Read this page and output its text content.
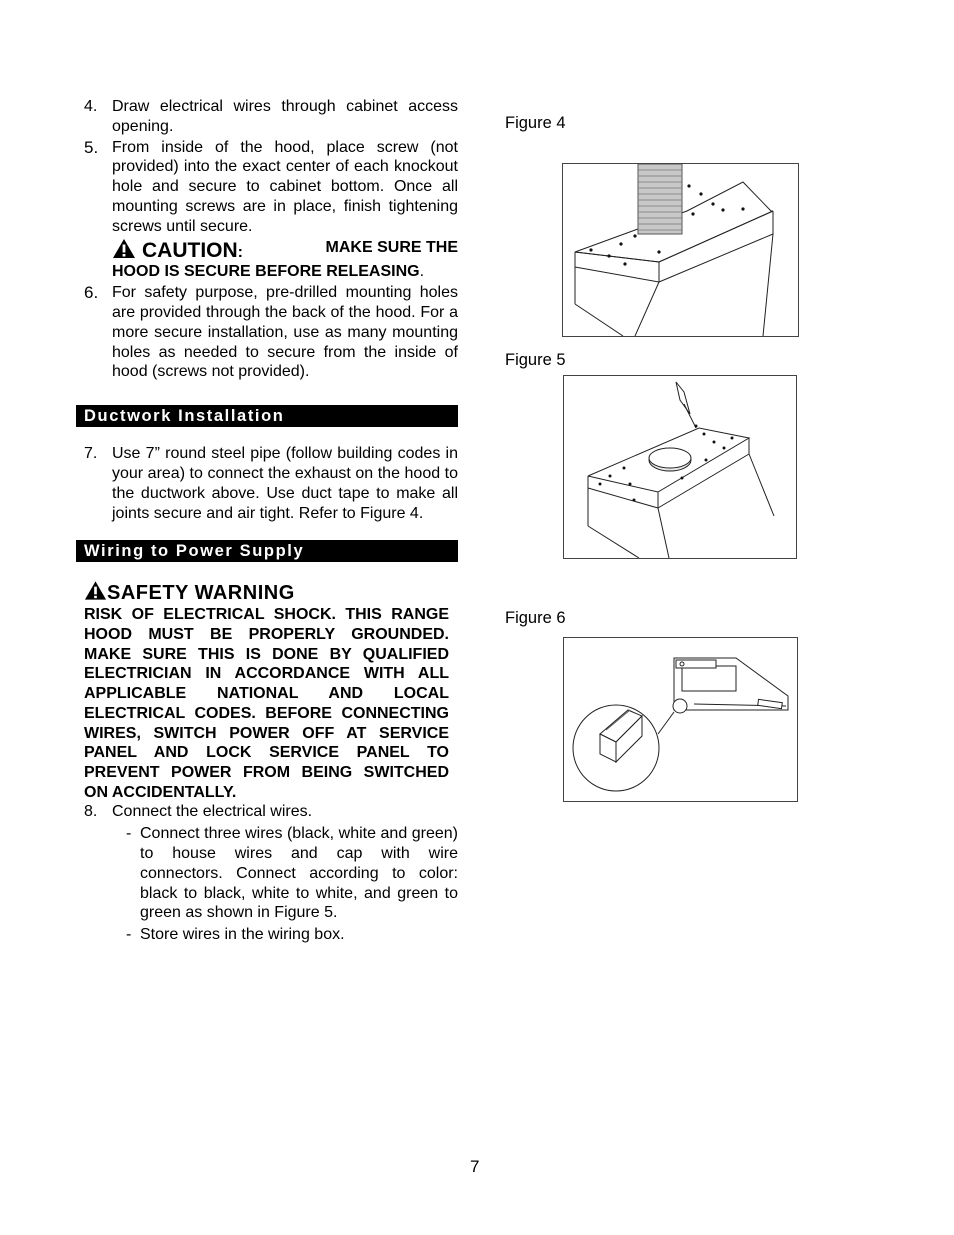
4. Draw electrical wires through cabinet access opening.

5. From inside of the hood, place screw (not provided) into the exact center of each knockout hole and secure to cabinet bottom. Once all mounting screws are in place, finish tightening screws until secure.

CAUTION:	MAKE SURE THE
HOOD IS SECURE BEFORE RELEASING.
6. For safety purpose, pre-drilled mounting holes are provided through the back of the hood. For a more secure installation, use as many mounting holes as needed to secure from the inside of hood (screws not provided).

Ductwork Installation
7. Use 7” round steel pipe (follow building codes in your area) to connect the exhaust on the hood to the ductwork above. Use duct tape to make all joints secure and air tight. Refer to Figure 4.

Wiring to Power Supply
SAFETY WARNING
RISK OF ELECTRICAL SHOCK. THIS RANGE HOOD MUST BE PROPERLY GROUNDED. MAKE SURE THIS IS DONE BY QUALIFIED ELECTRICIAN IN ACCORDANCE WITH ALL APPLICABLE NATIONAL AND LOCAL ELECTRICAL CODES. BEFORE CONNECTING WIRES, SWITCH POWER OFF AT SERVICE PANEL AND LOCK SERVICE PANEL TO PREVENT POWER FROM BEING SWITCHED ON ACCIDENTALLY.
8. Connect the electrical wires.

- Connect three wires (black, white and green) to house wires and cap with wire connectors. Connect according to color: black to black, white to white, and green to green as shown in Figure 5.

- Store wires in the wiring box.

Figure 4
Figure 5
Figure 6
7
